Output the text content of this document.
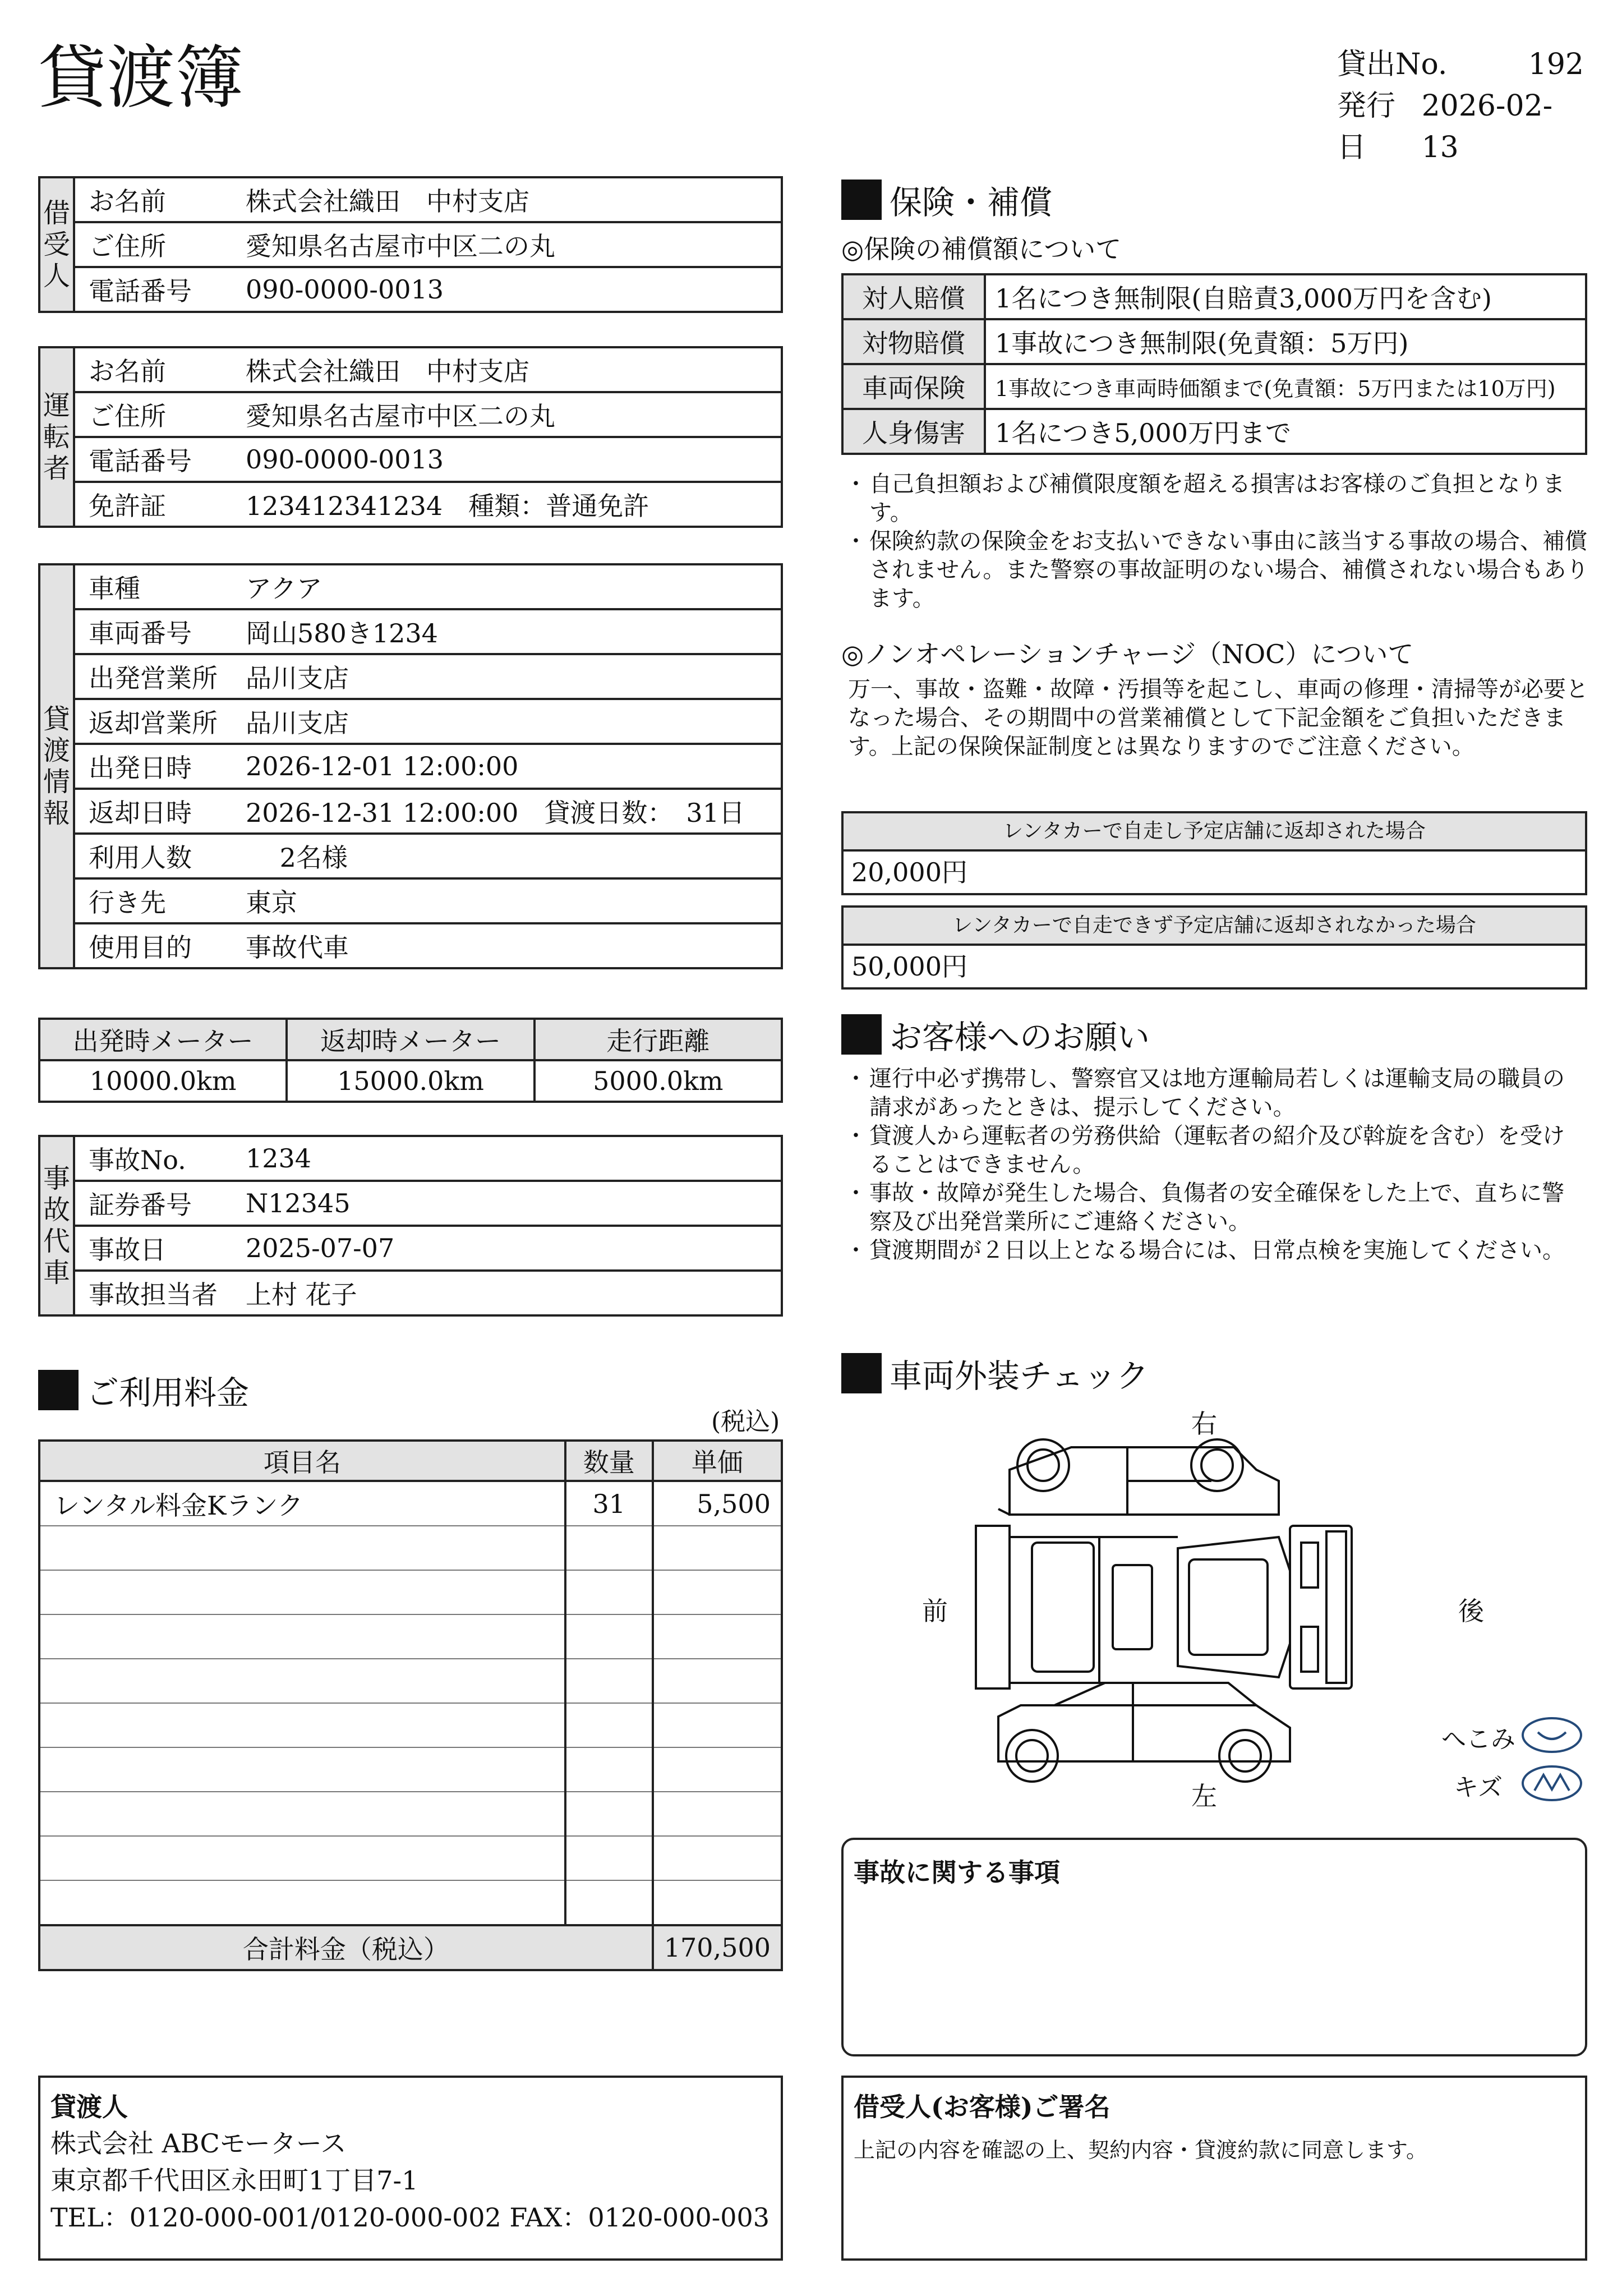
貸渡簿	貸出No.	192
発行日
2026-02-13
借
受
人	お名前	株式会社織田　中村支店
	ご住所	愛知県名古屋市中区二の丸
	電話番号	090-0000-0013
運
転
者	お名前	株式会社織田　中村支店
	ご住所	愛知県名古屋市中区二の丸
	電話番号	090-0000-0013
	免許証	123412341234　種類：普通免許
貸
渡
情
報	車種	アクア
	車両番号	岡山580き1234
	出発営業所	品川支店
	返却営業所	品川支店
	出発日時	2026-12-01 12:00:00
	返却日時	2026-12-31 12:00:00　貸渡日数：　31日
	利用人数	　 2名様
	行き先	東京
	使用目的	事故代車
出発時メーター	返却時メーター	走行距離
10000.0km	15000.0km	5000.0km
事
故
代
車	事故No.	1234
	証券番号	N12345
	事故日	2025-07-07
	事故担当者	上村 花子
ご利用料金
(税込)
項目名	数量	単価
レンタル料金Kランク	31	5,500

合計料金（税込）		170,500
保険・補償
◎保険の補償額について
対人賠償	1名につき無制限(自賠責3,000万円を含む)
対物賠償	1事故につき無制限(免責額：5万円)
車両保険	1事故につき車両時価額まで(免責額：5万円または10万円)
人身傷害	1名につき5,000万円まで
・ 自己負担額および補償限度額を超える損害はお客様のご負担となります。
・ 保険約款の保険金をお支払いできない事由に該当する事故の場合、補償されません。また警察の事故証明のない場合、補償されない場合もあります。
◎ノンオペレーションチャージ（NOC）について
万一、事故・盗難・故障・汚損等を起こし、車両の修理・清掃等が必要となった場合、その期間中の営業補償として下記金額をご負担いただきます。上記の保険保証制度とは異なりますのでご注意ください。
レンタカーで自走し予定店舗に返却された場合
20,000円
レンタカーで自走できず予定店舗に返却されなかった場合
50,000円
お客様へのお願い
・ 運行中必ず携帯し、警察官又は地方運輸局若しくは運輸支局の職員の請求があったときは、提示してください。
・ 貸渡人から運転者の労務供給（運転者の紹介及び斡旋を含む）を受けることはできません。
・ 事故・故障が発生した場合、負傷者の安全確保をした上で、直ちに警察及び出発営業所にご連絡ください。
・ 貸渡期間が２日以上となる場合には、日常点検を実施してください。
車両外装チェック
右
左
前	後
へこみ
キズ
事故に関する事項
貸渡人
株式会社 ABCモータース
東京都千代田区永田町1丁目7-1
TEL：0120-000-001/0120-000-002 FAX：0120-000-003
借受人(お客様)ご署名
上記の内容を確認の上、契約内容・貸渡約款に同意します。
